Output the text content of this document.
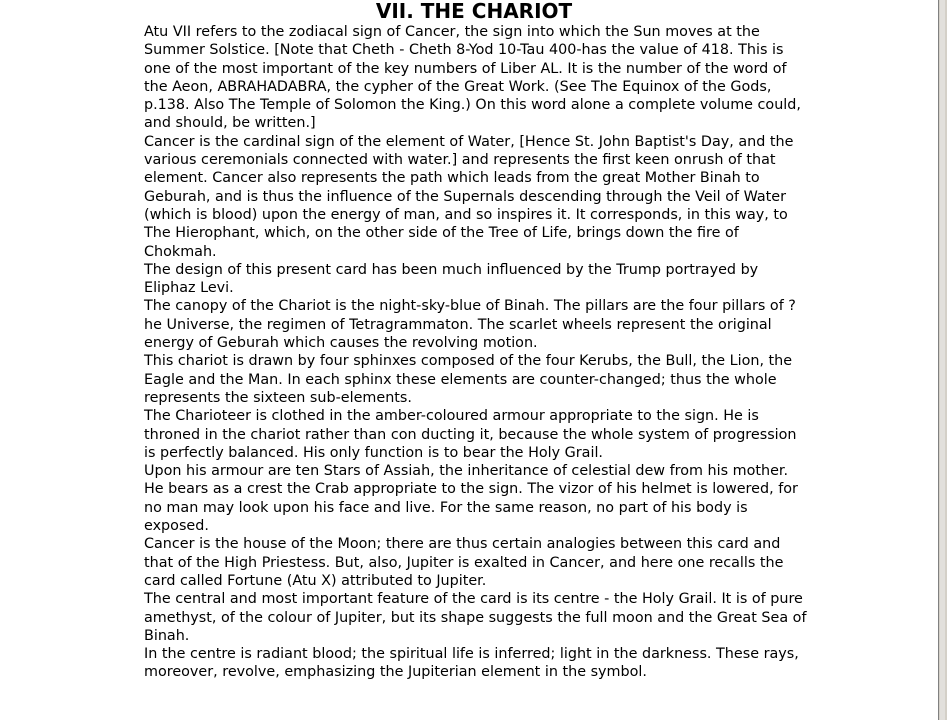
VII. THE CHARIOT

Atu VII refers to the zodiacal sign of Cancer, the sign into which the Sun moves at the Summer Solstice. [Note that Cheth - Cheth 8-Yod 10-Tau 400-has the value of 418. This is one of the most important of the key numbers of Liber AL. It is the number of the word of the Aeon, ABRAHADABRA, the cypher of the Great Work. (See The Equinox of the Gods, p.138. Also The Temple of Solomon the King.) On this word alone a complete volume could, and should, be written.]

Cancer is the cardinal sign of the element of Water, [Hence St. John Baptist's Day, and the various ceremonials connected with water.] and represents the first keen onrush of that element. Cancer also represents the path which leads from the great Mother Binah to Geburah, and is thus the influence of the Supernals descending through the Veil of Water (which is blood) upon the energy of man, and so inspires it. It corresponds, in this way, to The Hierophant, which, on the other side of the Tree of Life, brings down the fire of Chokmah.

The design of this present card has been much influenced by the Trump portrayed by Eliphaz Levi.

The canopy of the Chariot is the night-sky-blue of Binah. The pillars are the four pillars of ?he Universe, the regimen of Tetragrammaton. The scarlet wheels represent the original energy of Geburah which causes the revolving motion.

This chariot is drawn by four sphinxes composed of the four Kerubs, the Bull, the Lion, the Eagle and the Man. In each sphinx these elements are counter-changed; thus the whole represents the sixteen sub-elements.

The Charioteer is clothed in the amber-coloured armour appropriate to the sign. He is throned in the chariot rather than con ducting it, because the whole system of progression is perfectly balanced. His only function is to bear the Holy Grail.

Upon his armour are ten Stars of Assiah, the inheritance of celestial dew from his mother.

He bears as a crest the Crab appropriate to the sign. The vizor of his helmet is lowered, for no man may look upon his face and live. For the same reason, no part of his body is exposed.

Cancer is the house of the Moon; there are thus certain analogies between this card and that of the High Priestess. But, also, Jupiter is exalted in Cancer, and here one recalls the card called Fortune (Atu X) attributed to Jupiter.

The central and most important feature of the card is its centre - the Holy Grail. It is of pure amethyst, of the colour of Jupiter, but its shape suggests the full moon and the Great Sea of Binah.

In the centre is radiant blood; the spiritual life is inferred; light in the darkness. These rays, moreover, revolve, emphasizing the Jupiterian element in the symbol.
